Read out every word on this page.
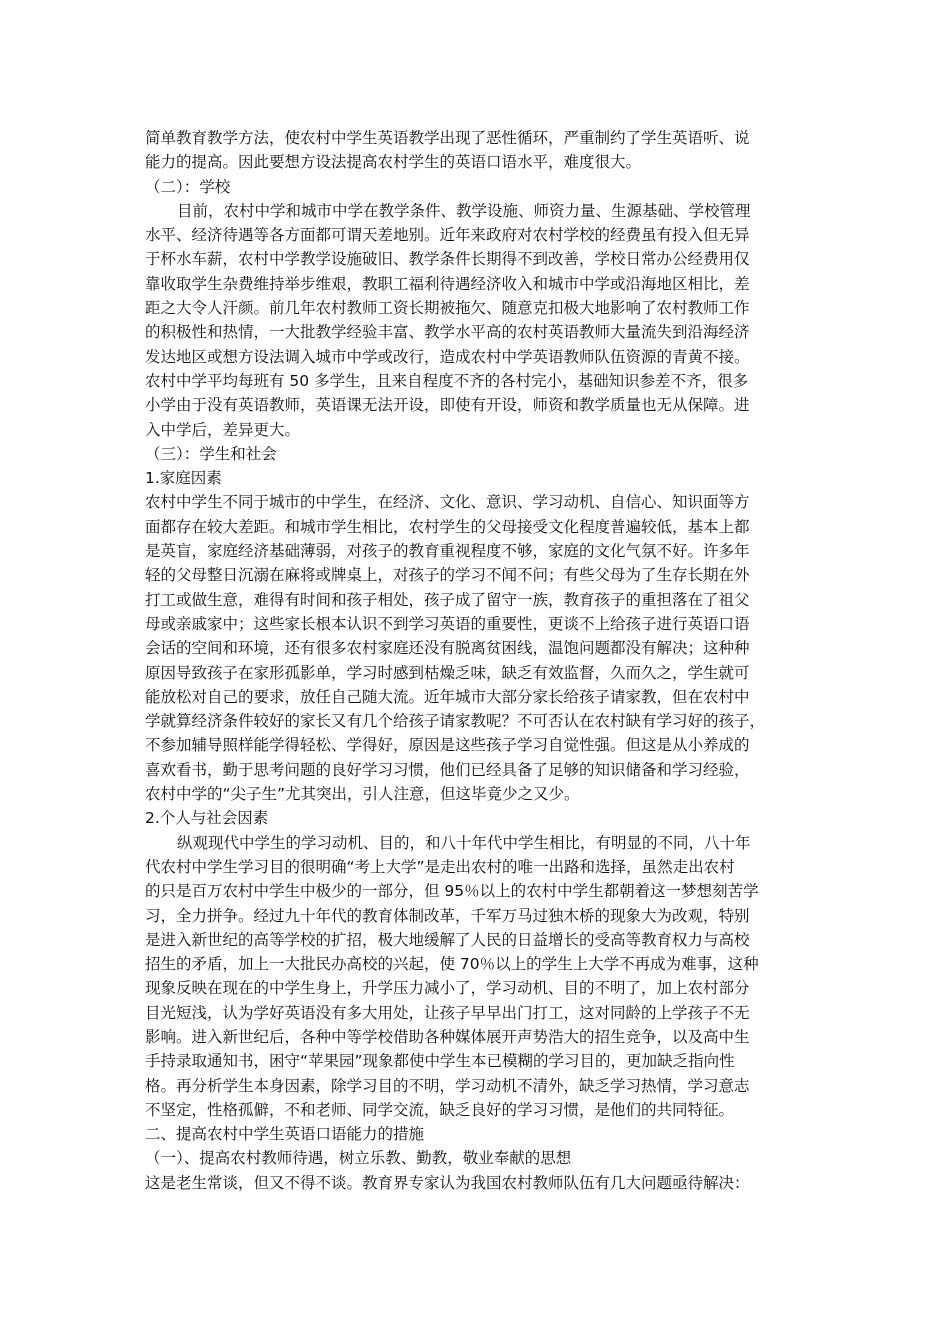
简单教育教学方法，使农村中学生英语教学出现了恶性循环，严重制约了学生英语听、说
能力的提高。因此要想方设法提高农村学生的英语口语水平，难度很大。
（二）：学校
目前，农村中学和城市中学在教学条件、教学设施、师资力量、生源基础、学校管理
水平、经济待遇等各方面都可谓天差地别。近年来政府对农村学校的经费虽有投入但无异
于杯水车薪，农村中学教学设施破旧、教学条件长期得不到改善，学校日常办公经费用仅
靠收取学生杂费维持举步维艰，教职工福利待遇经济收入和城市中学或沿海地区相比，差
距之大令人汗颜。前几年农村教师工资长期被拖欠、随意克扣极大地影响了农村教师工作
的积极性和热情，一大批教学经验丰富、教学水平高的农村英语教师大量流失到沿海经济
发达地区或想方设法调入城市中学或改行，造成农村中学英语教师队伍资源的青黄不接。
农村中学平均每班有 50 多学生，且来自程度不齐的各村完小，基础知识参差不齐，很多
小学由于没有英语教师，英语课无法开设，即使有开设，师资和教学质量也无从保障。进
入中学后，差异更大。
（三）：学生和社会
1.家庭因素
农村中学生不同于城市的中学生，在经济、文化、意识、学习动机、自信心、知识面等方
面都存在较大差距。和城市学生相比，农村学生的父母接受文化程度普遍较低，基本上都
是英盲，家庭经济基础薄弱，对孩子的教育重视程度不够，家庭的文化气氛不好。许多年
轻的父母整日沉溺在麻将或牌桌上，对孩子的学习不闻不问；有些父母为了生存长期在外
打工或做生意，难得有时间和孩子相处，孩子成了留守一族，教育孩子的重担落在了祖父
母或亲戚家中；这些家长根本认识不到学习英语的重要性，更谈不上给孩子进行英语口语
会话的空间和环境，还有很多农村家庭还没有脱离贫困线，温饱问题都没有解决；这种种
原因导致孩子在家形孤影单，学习时感到枯燥乏味，缺乏有效监督，久而久之，学生就可
能放松对自己的要求，放任自己随大流。近年城市大部分家长给孩子请家教，但在农村中
学就算经济条件较好的家长又有几个给孩子请家教呢？不可否认在农村缺有学习好的孩子，
不参加辅导照样能学得轻松、学得好，原因是这些孩子学习自觉性强。但这是从小养成的
喜欢看书，勤于思考问题的良好学习习惯，他们已经具备了足够的知识储备和学习经验，
农村中学的“尖子生”尤其突出，引人注意，但这毕竟少之又少。
2.个人与社会因素
纵观现代中学生的学习动机、目的，和八十年代中学生相比，有明显的不同，八十年
代农村中学生学习目的很明确“考上大学”是走出农村的唯一出路和选择，虽然走出农村
的只是百万农村中学生中极少的一部分，但 95％以上的农村中学生都朝着这一梦想刻苦学
习，全力拼争。经过九十年代的教育体制改革，千军万马过独木桥的现象大为改观，特别
是进入新世纪的高等学校的扩招，极大地缓解了人民的日益增长的受高等教育权力与高校
招生的矛盾，加上一大批民办高校的兴起，使 70％以上的学生上大学不再成为难事，这种
现象反映在现在的中学生身上，升学压力减小了，学习动机、目的不明了，加上农村部分
目光短浅，认为学好英语没有多大用处，让孩子早早出门打工，这对同龄的上学孩子不无
影响。进入新世纪后，各种中等学校借助各种媒体展开声势浩大的招生竞争，以及高中生
手持录取通知书，困守“苹果园”现象都使中学生本已模糊的学习目的，更加缺乏指向性
格。再分析学生本身因素，除学习目的不明，学习动机不清外，缺乏学习热情，学习意志
不坚定，性格孤僻，不和老师、同学交流，缺乏良好的学习习惯，是他们的共同特征。
二、提高农村中学生英语口语能力的措施
（一）、提高农村教师待遇，树立乐教、勤教，敬业奉献的思想
这是老生常谈，但又不得不谈。教育界专家认为我国农村教师队伍有几大问题亟待解决：
